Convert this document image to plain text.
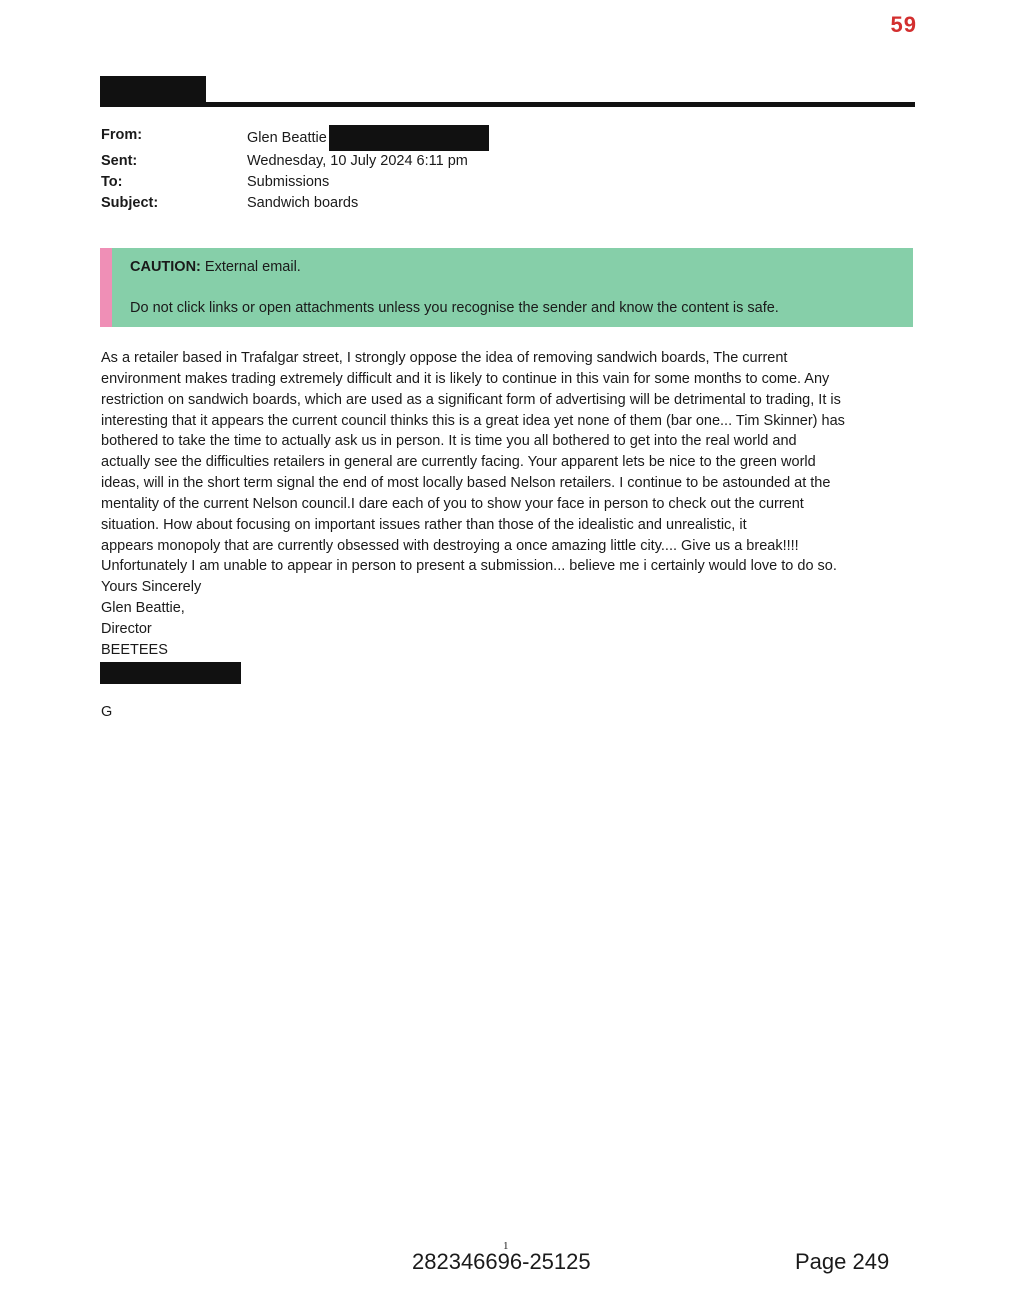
59
From:	Glen Beattie
Sent:	Wednesday, 10 July 2024 6:11 pm
To:	Submissions
Subject:	Sandwich boards
CAUTION: External email.
Do not click links or open attachments unless you recognise the sender and know the content is safe.
As a retailer based in Trafalgar street, I strongly oppose the idea of removing sandwich boards, The current
environment makes trading extremely difficult and it is likely to continue in this vain for some months to come. Any
restriction on sandwich boards, which are used as a significant form of advertising will be detrimental to trading, It is
interesting that it appears the current council thinks this is a great idea yet none of them (bar one... Tim Skinner) has
bothered to take the time to actually ask us in person. It is time you all bothered to get into the real world and
actually see the difficulties retailers in general are currently facing. Your apparent lets be nice to the green world
ideas, will in the short term signal the end of most locally based Nelson retailers. I continue to be astounded at the
mentality of the current Nelson council.I dare each of you to show your face in person to check out the current
situation. How about focusing on important issues rather than those of the idealistic and unrealistic, it
appears monopoly that are currently obsessed with destroying a once amazing little city.... Give us a break!!!!
Unfortunately I am unable to appear in person to present a submission... believe me i certainly would love to do so.
Yours Sincerely
Glen Beattie,
Director
BEETEES
G
1
282346696-25125	Page 249
